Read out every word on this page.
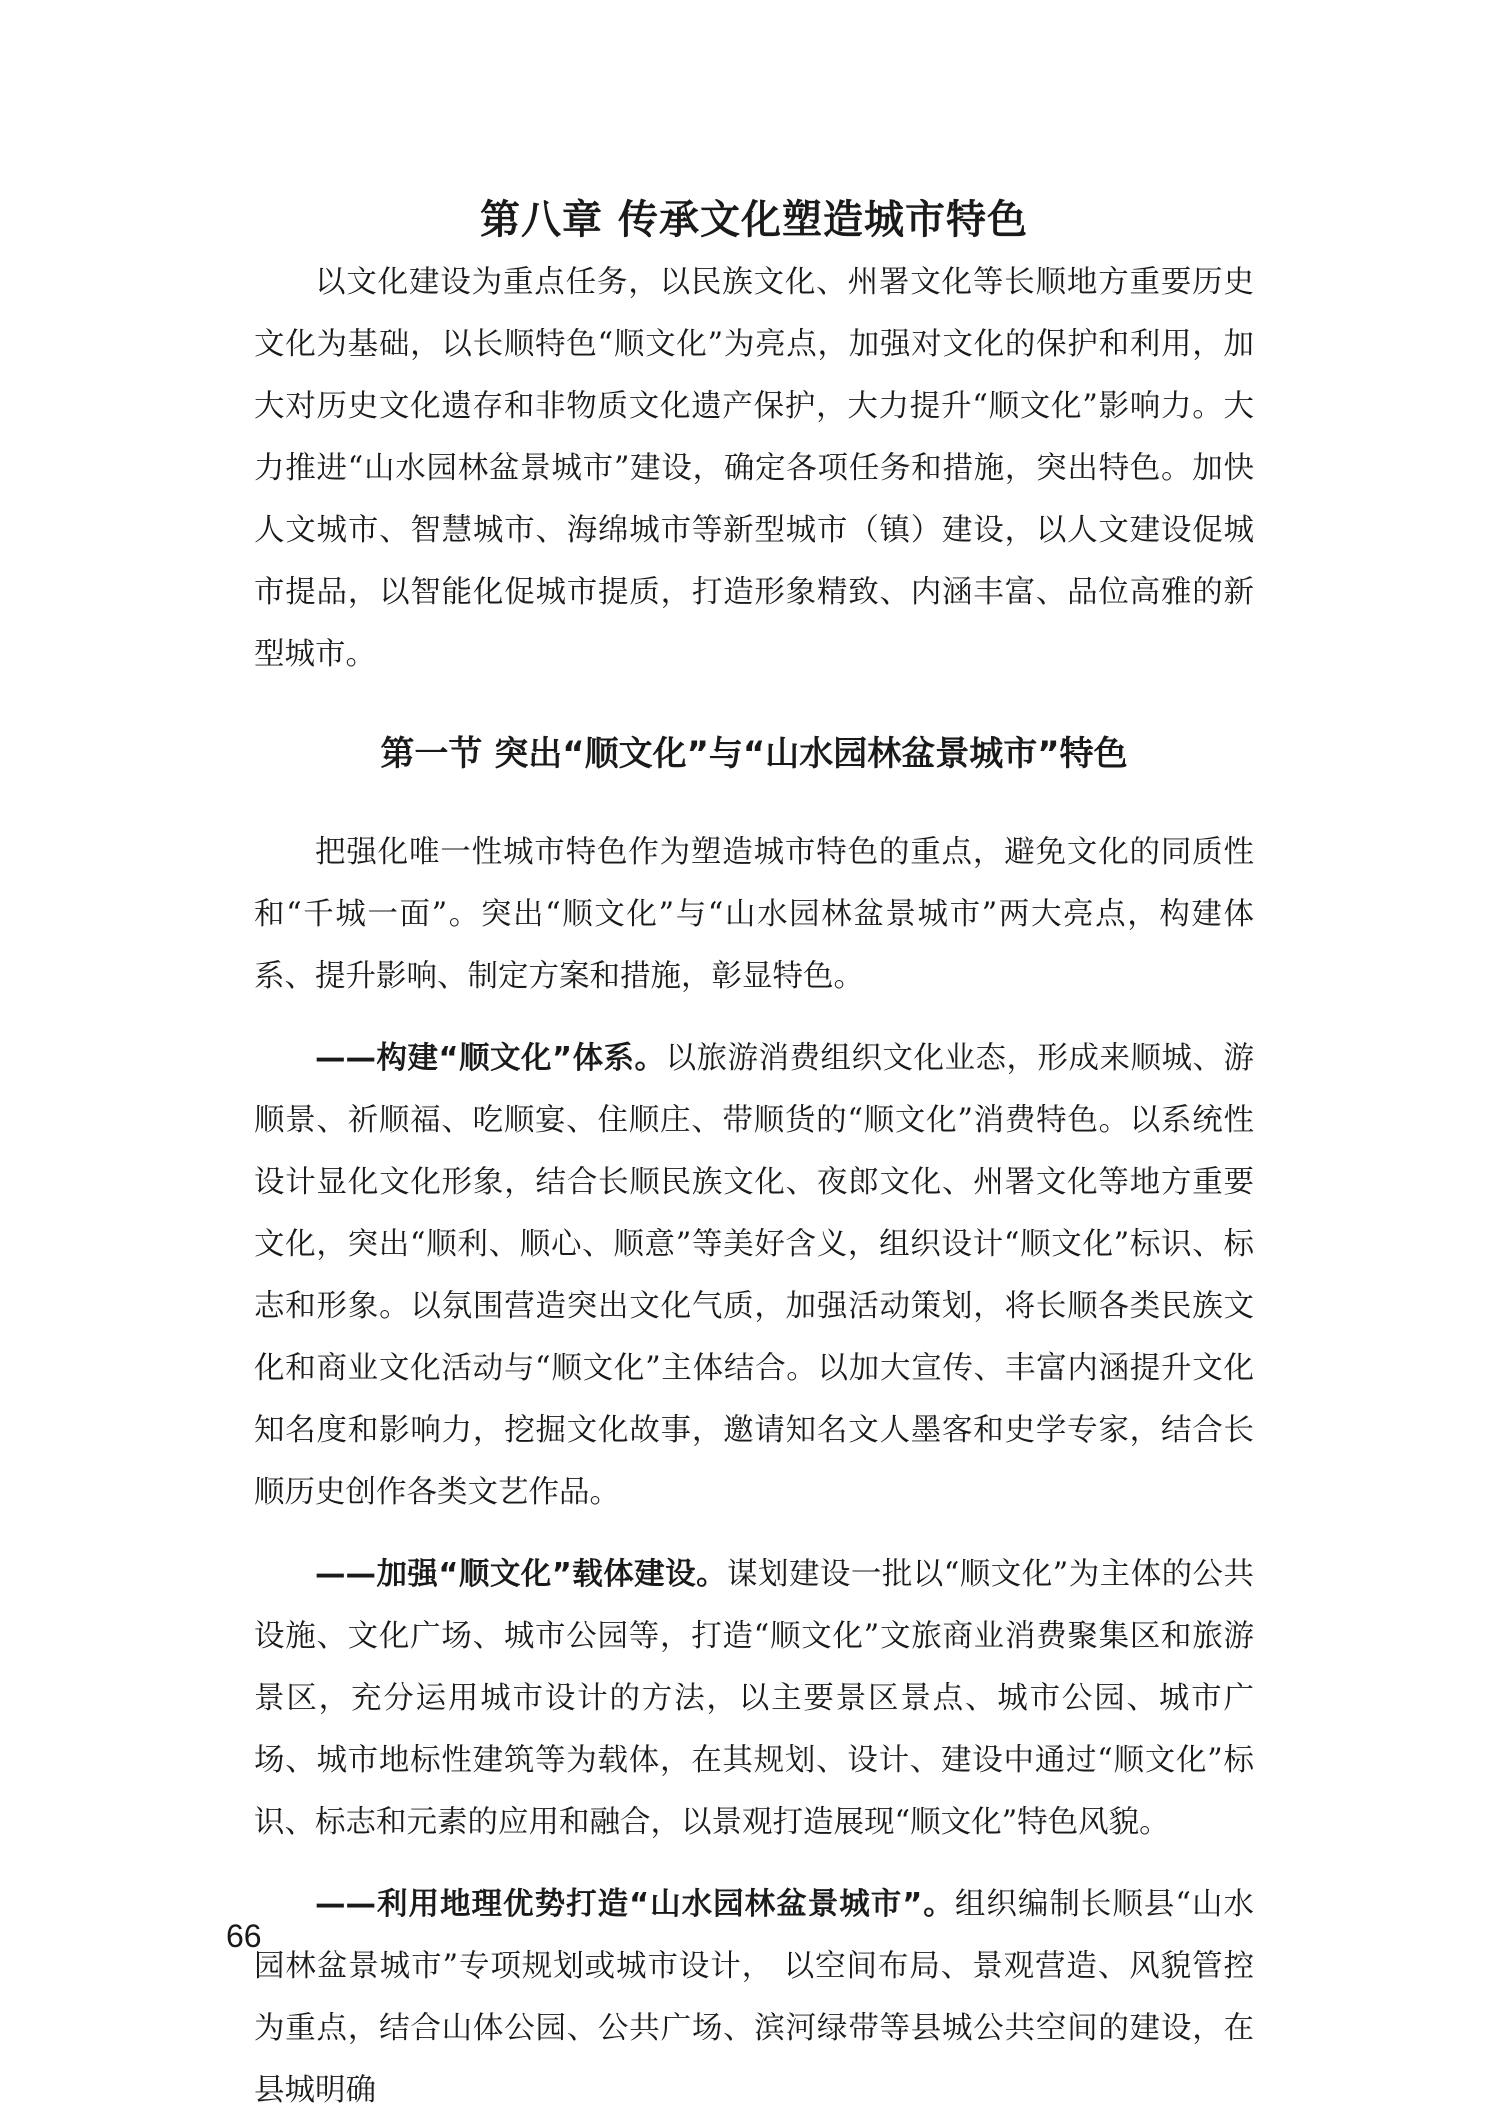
第八章 传承文化塑造城市特色

以文化建设为重点任务，以民族文化、州署文化等长顺地方重要历史文化为基础，以长顺特色“顺文化”为亮点，加强对文化的保护和利用，加大对历史文化遗存和非物质文化遗产保护，大力提升“顺文化”影响力。大力推进“山水园林盆景城市”建设，确定各项任务和措施，突出特色。加快人文城市、智慧城市、海绵城市等新型城市（镇）建设，以人文建设促城市提品，以智能化促城市提质，打造形象精致、内涵丰富、品位高雅的新型城市。

第一节 突出“顺文化”与“山水园林盆景城市”特色

把强化唯一性城市特色作为塑造城市特色的重点，避免文化的同质性和“千城一面”。突出“顺文化”与“山水园林盆景城市”两大亮点，构建体系、提升影响、制定方案和措施，彰显特色。

——构建“顺文化”体系。以旅游消费组织文化业态，形成来顺城、游顺景、祈顺福、吃顺宴、住顺庄、带顺货的“顺文化”消费特色。以系统性设计显化文化形象，结合长顺民族文化、夜郎文化、州署文化等地方重要文化，突出“顺利、顺心、顺意”等美好含义，组织设计“顺文化”标识、标志和形象。以氛围营造突出文化气质，加强活动策划，将长顺各类民族文化和商业文化活动与“顺文化”主体结合。以加大宣传、丰富内涵提升文化知名度和影响力，挖掘文化故事，邀请知名文人墨客和史学专家，结合长顺历史创作各类文艺作品。

——加强“顺文化”载体建设。谋划建设一批以“顺文化”为主体的公共设施、文化广场、城市公园等，打造“顺文化”文旅商业消费聚集区和旅游景区，充分运用城市设计的方法，以主要景区景点、城市公园、城市广场、城市地标性建筑等为载体，在其规划、设计、建设中通过“顺文化”标识、标志和元素的应用和融合，以景观打造展现“顺文化”特色风貌。

——利用地理优势打造“山水园林盆景城市”。组织编制长顺县“山水园林盆景城市”专项规划或城市设计， 以空间布局、景观营造、风貌管控为重点，结合山体公园、公共广场、滨河绿带等县城公共空间的建设，在县城明确

66
